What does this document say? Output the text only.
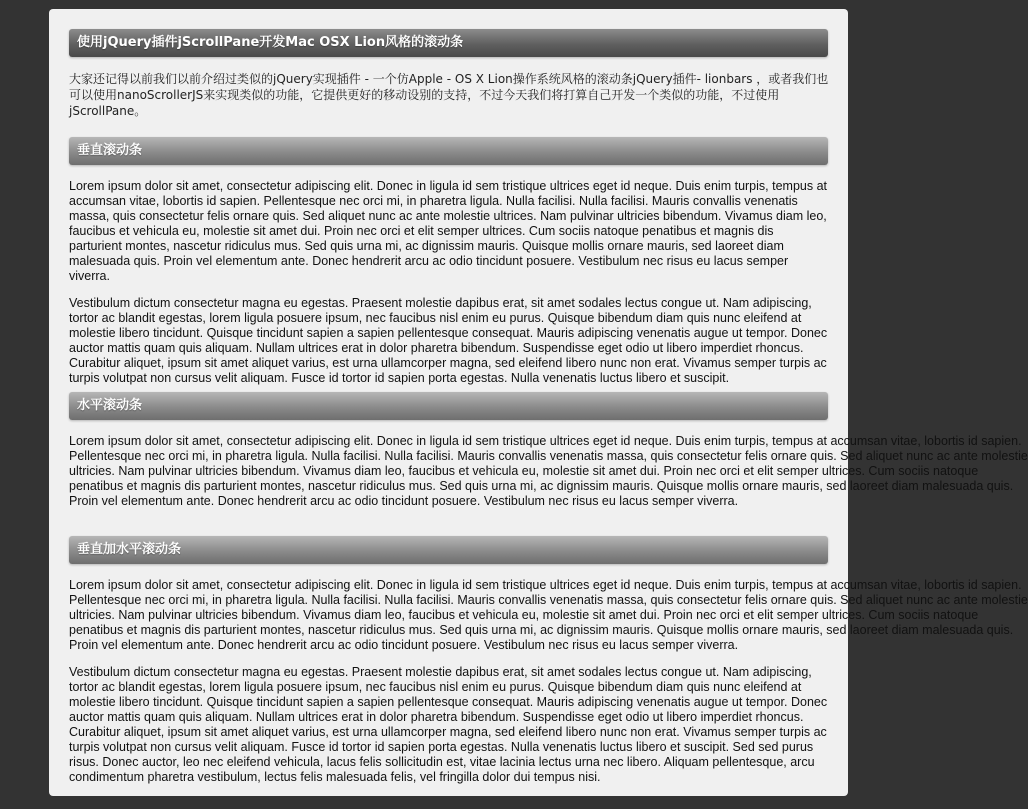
使用jQuery插件jScrollPane开发Mac OSX Lion风格的滚动条
大家还记得以前我们以前介绍过类似的jQuery实现插件 - 一个仿Apple - OS X Lion操作系统风格的滚动条jQuery插件- lionbars ，或者我们也可以使用nanoScrollerJS来实现类似的功能，它提供更好的移动设别的支持，不过今天我们将打算自己开发一个类似的功能，不过使用jScrollPane。
垂直滚动条

Lorem ipsum dolor sit amet, consectetur adipiscing elit. Donec in ligula id sem tristique ultrices eget id neque. Duis enim turpis, tempus at accumsan vitae, lobortis id sapien. Pellentesque nec orci mi, in pharetra ligula. Nulla facilisi. Nulla facilisi. Mauris convallis venenatis massa, quis consectetur felis ornare quis. Sed aliquet nunc ac ante molestie ultrices. Nam pulvinar ultricies bibendum. Vivamus diam leo, faucibus et vehicula eu, molestie sit amet dui. Proin nec orci et elit semper ultrices. Cum sociis natoque penatibus et magnis dis parturient montes, nascetur ridiculus mus. Sed quis urna mi, ac dignissim mauris. Quisque mollis ornare mauris, sed laoreet diam malesuada quis. Proin vel elementum ante. Donec hendrerit arcu ac odio tincidunt posuere. Vestibulum nec risus eu lacus semper viverra.

Vestibulum dictum consectetur magna eu egestas. Praesent molestie dapibus erat, sit amet sodales lectus congue ut. Nam adipiscing, tortor ac blandit egestas, lorem ligula posuere ipsum, nec faucibus nisl enim eu purus. Quisque bibendum diam quis nunc eleifend at molestie libero tincidunt. Quisque tincidunt sapien a sapien pellentesque consequat. Mauris adipiscing venenatis augue ut tempor. Donec auctor mattis quam quis aliquam. Nullam ultrices erat in dolor pharetra bibendum. Suspendisse eget odio ut libero imperdiet rhoncus. Curabitur aliquet, ipsum sit amet aliquet varius, est urna ullamcorper magna, sed eleifend libero nunc non erat. Vivamus semper turpis ac turpis volutpat non cursus velit aliquam. Fusce id tortor id sapien porta egestas. Nulla venenatis luctus libero et suscipit.

水平滚动条
Lorem ipsum dolor sit amet, consectetur adipiscing elit. Donec in ligula id sem tristique ultrices eget id neque. Duis enim turpis, tempus at accumsan vitae, lobortis id sapien.
Pellentesque nec orci mi, in pharetra ligula. Nulla facilisi. Nulla facilisi. Mauris convallis venenatis massa, quis consectetur felis ornare quis. Sed aliquet nunc ac ante molestie
ultricies. Nam pulvinar ultricies bibendum. Vivamus diam leo, faucibus et vehicula eu, molestie sit amet dui. Proin nec orci et elit semper ultrices. Cum sociis natoque
penatibus et magnis dis parturient montes, nascetur ridiculus mus. Sed quis urna mi, ac dignissim mauris. Quisque mollis ornare mauris, sed laoreet diam malesuada quis.
Proin vel elementum ante. Donec hendrerit arcu ac odio tincidunt posuere. Vestibulum nec risus eu lacus semper viverra.
垂直加水平滚动条
Lorem ipsum dolor sit amet, consectetur adipiscing elit. Donec in ligula id sem tristique ultrices eget id neque. Duis enim turpis, tempus at accumsan vitae, lobortis id sapien.
Pellentesque nec orci mi, in pharetra ligula. Nulla facilisi. Nulla facilisi. Mauris convallis venenatis massa, quis consectetur felis ornare quis. Sed aliquet nunc ac ante molestie
ultricies. Nam pulvinar ultricies bibendum. Vivamus diam leo, faucibus et vehicula eu, molestie sit amet dui. Proin nec orci et elit semper ultrices. Cum sociis natoque
penatibus et magnis dis parturient montes, nascetur ridiculus mus. Sed quis urna mi, ac dignissim mauris. Quisque mollis ornare mauris, sed laoreet diam malesuada quis.
Proin vel elementum ante. Donec hendrerit arcu ac odio tincidunt posuere. Vestibulum nec risus eu lacus semper viverra.

Vestibulum dictum consectetur magna eu egestas. Praesent molestie dapibus erat, sit amet sodales lectus congue ut. Nam adipiscing, tortor ac blandit egestas, lorem ligula posuere ipsum, nec faucibus nisl enim eu purus. Quisque bibendum diam quis nunc eleifend at molestie libero tincidunt. Quisque tincidunt sapien a sapien pellentesque consequat. Mauris adipiscing venenatis augue ut tempor. Donec auctor mattis quam quis aliquam. Nullam ultrices erat in dolor pharetra bibendum. Suspendisse eget odio ut libero imperdiet rhoncus. Curabitur aliquet, ipsum sit amet aliquet varius, est urna ullamcorper magna, sed eleifend libero nunc non erat. Vivamus semper turpis ac turpis volutpat non cursus velit aliquam. Fusce id tortor id sapien porta egestas. Nulla venenatis luctus libero et suscipit. Sed sed purus risus. Donec auctor, leo nec eleifend vehicula, lacus felis sollicitudin est, vitae lacinia lectus urna nec libero. Aliquam pellentesque, arcu condimentum pharetra vestibulum, lectus felis malesuada felis, vel fringilla dolor dui tempus nisi.
